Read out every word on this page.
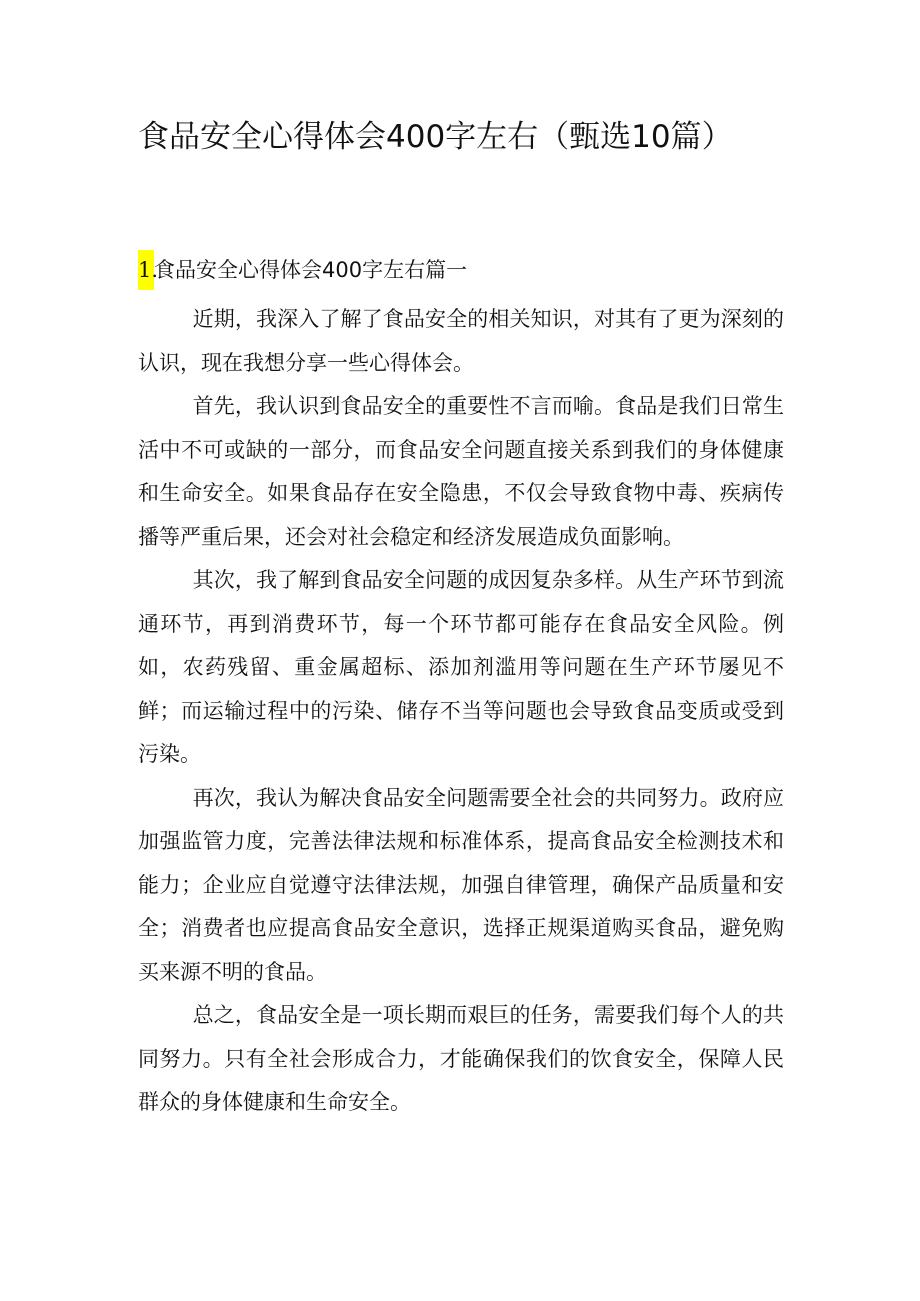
食品安全心得体会400字左右（甄选10篇）
1.食品安全心得体会400字左右篇一

近期，我深入了解了食品安全的相关知识，对其有了更为深刻的认识，现在我想分享一些心得体会。

首先，我认识到食品安全的重要性不言而喻。食品是我们日常生活中不可或缺的一部分，而食品安全问题直接关系到我们的身体健康和生命安全。如果食品存在安全隐患，不仅会导致食物中毒、疾病传播等严重后果，还会对社会稳定和经济发展造成负面影响。

其次，我了解到食品安全问题的成因复杂多样。从生产环节到流通环节，再到消费环节，每一个环节都可能存在食品安全风险。例如，农药残留、重金属超标、添加剂滥用等问题在生产环节屡见不鲜；而运输过程中的污染、储存不当等问题也会导致食品变质或受到污染。

再次，我认为解决食品安全问题需要全社会的共同努力。政府应加强监管力度，完善法律法规和标准体系，提高食品安全检测技术和能力；企业应自觉遵守法律法规，加强自律管理，确保产品质量和安全；消费者也应提高食品安全意识，选择正规渠道购买食品，避免购买来源不明的食品。

总之，食品安全是一项长期而艰巨的任务，需要我们每个人的共同努力。只有全社会形成合力，才能确保我们的饮食安全，保障人民群众的身体健康和生命安全。
